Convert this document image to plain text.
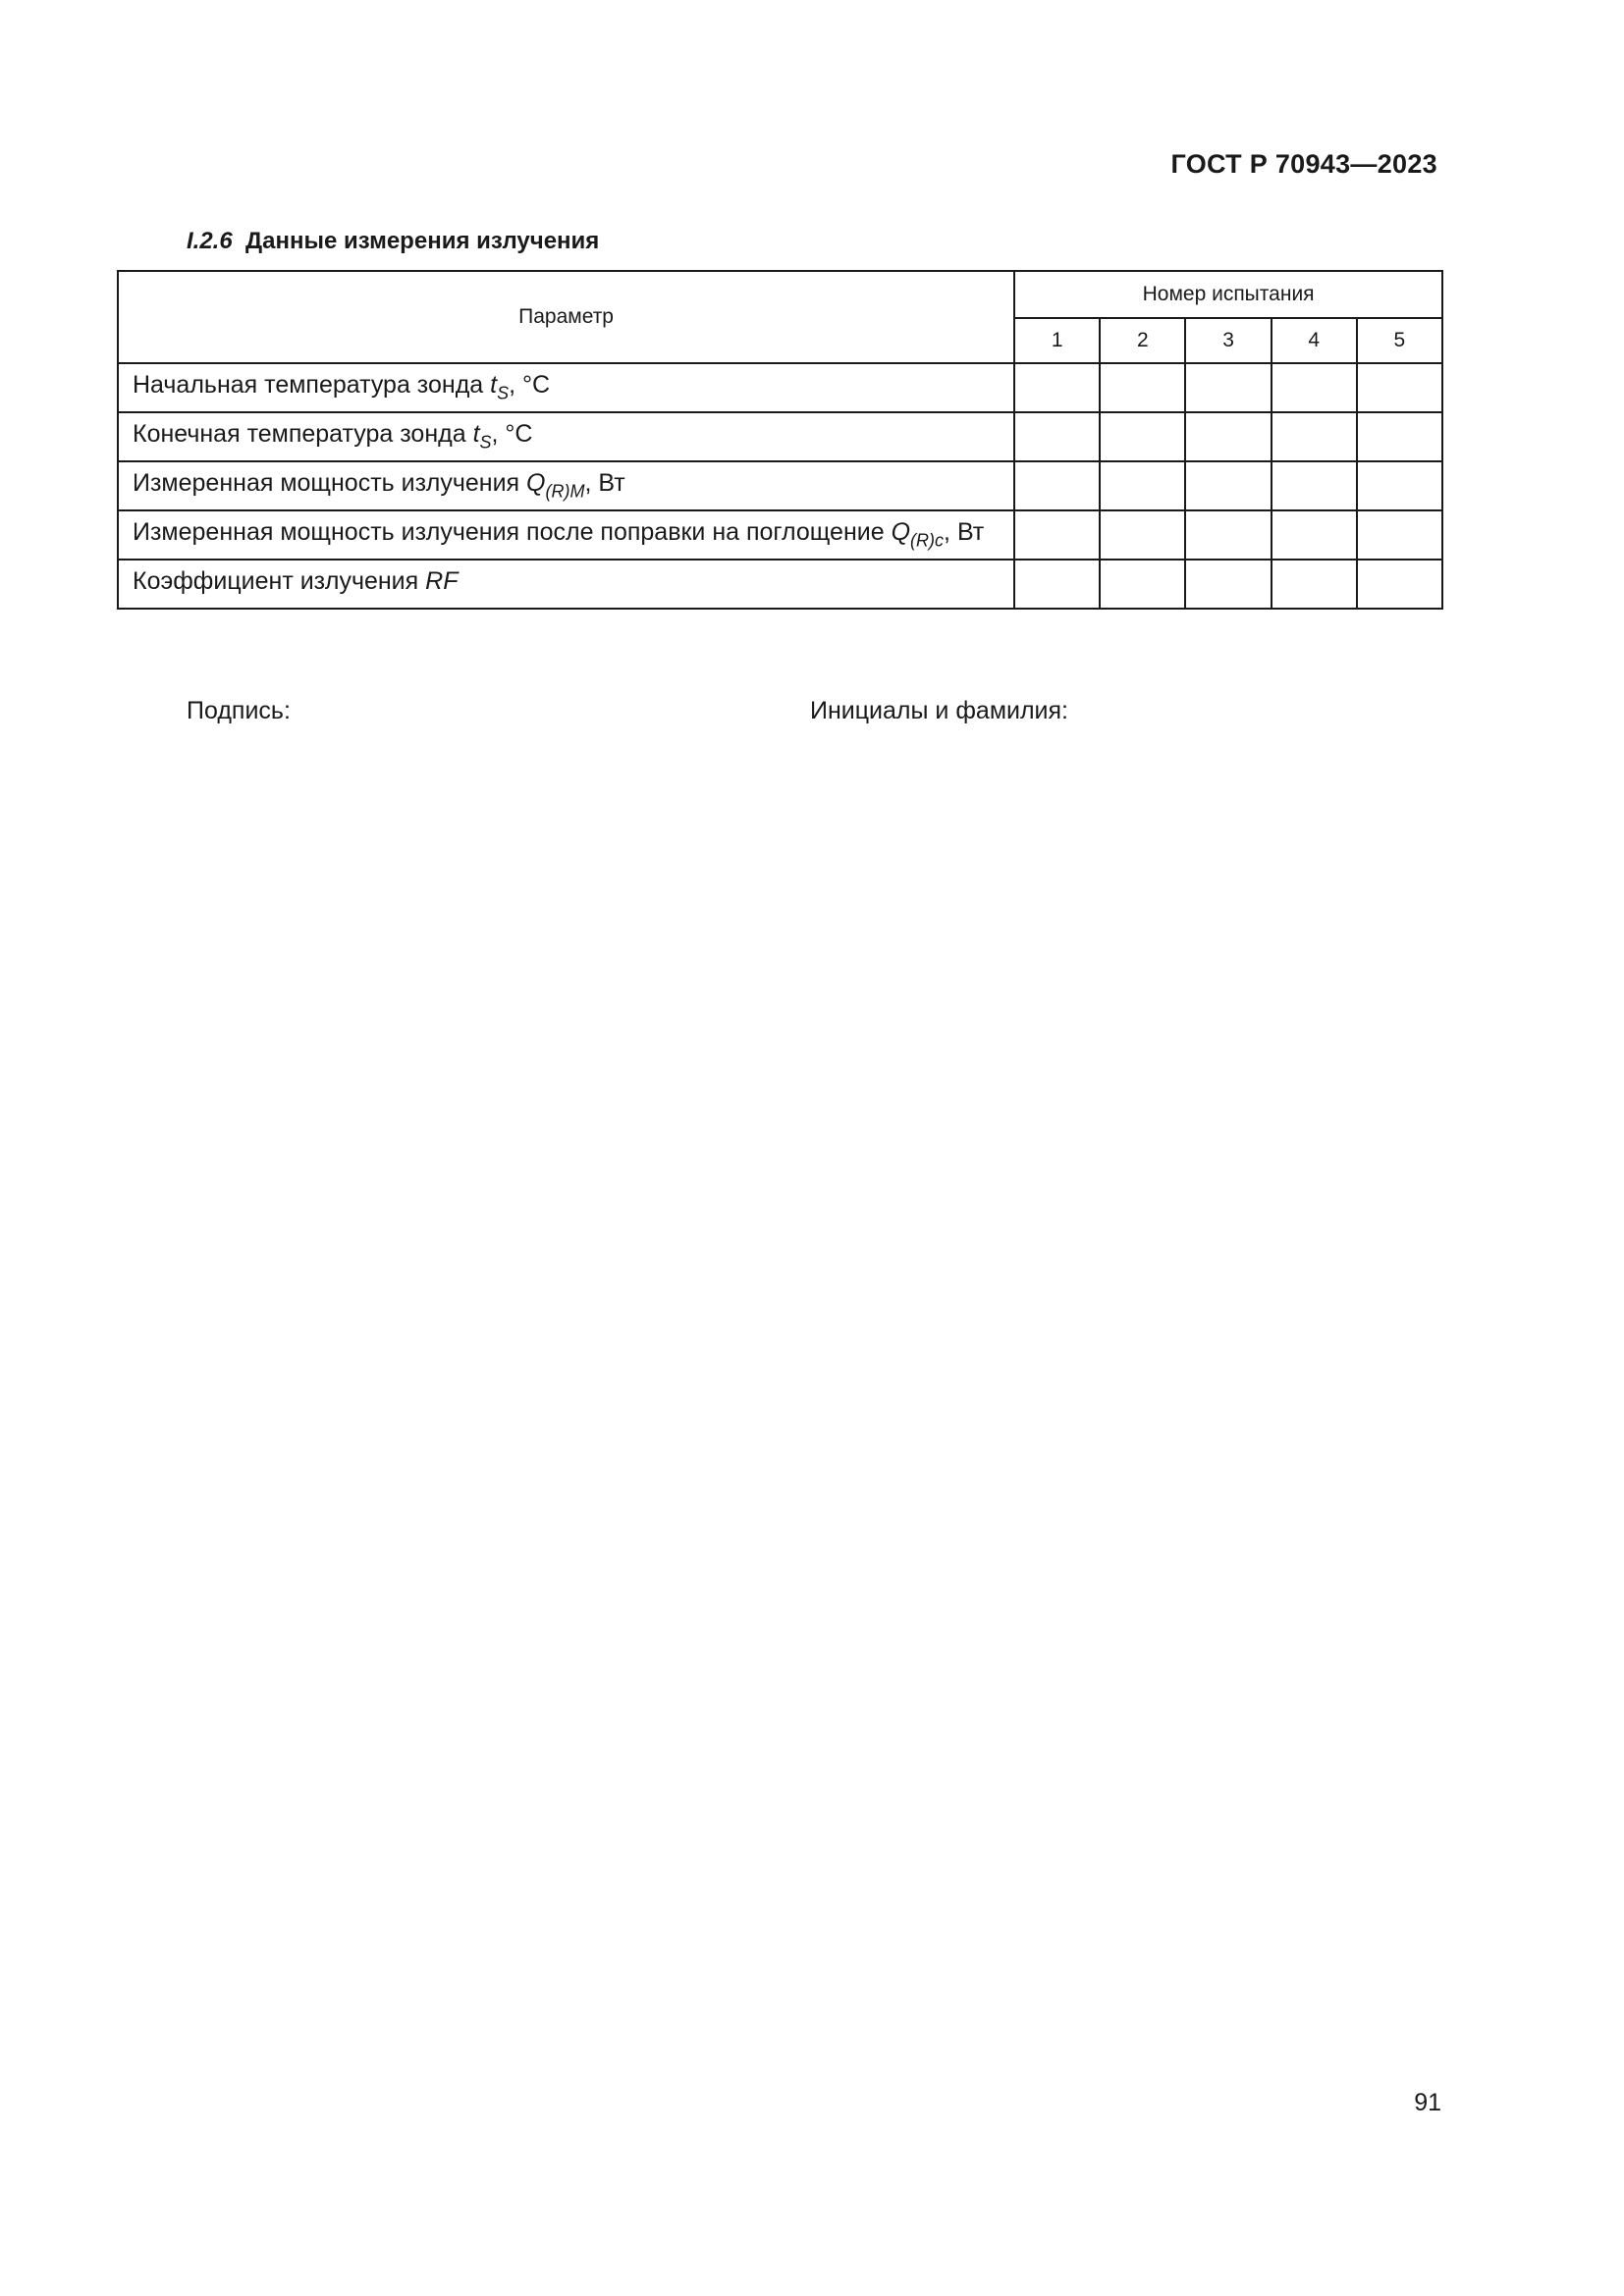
ГОСТ Р 70943—2023
I.2.6 Данные измерения излучения
Параметр	Номер испытания				
	1	2	3	4	5
Начальная температура зонда $t_S$, °C					
Конечная температура зонда $t_S$, °C					
Измеренная мощность излучения $Q_{(R)M}$, Вт					
Измеренная мощность излучения после поправки на поглощение $Q_{(R)c}$, Вт					
Коэффициент излучения RF					
Подпись:	Инициалы и фамилия:
91
